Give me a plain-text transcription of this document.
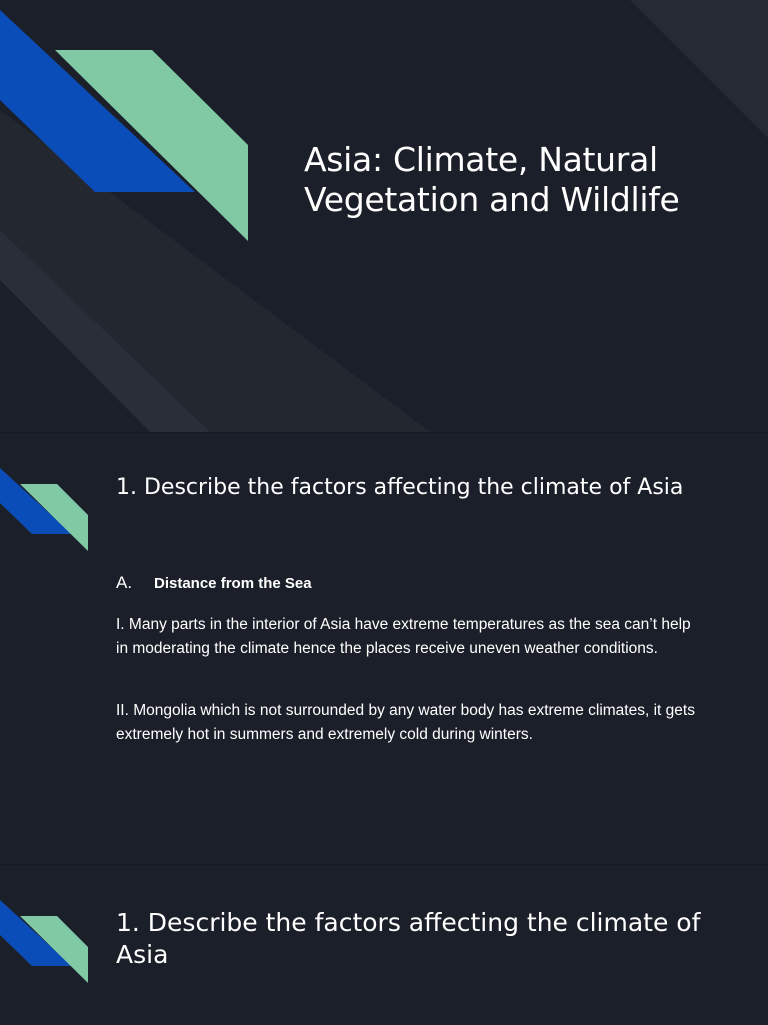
Asia: Climate, Natural Vegetation and Wildlife
1. Describe the factors affecting the climate of Asia
A.	Distance from the Sea

I. Many parts in the interior of Asia have extreme temperatures as the sea can’t help in moderating the climate hence the places receive uneven weather conditions.

II. Mongolia which is not surrounded by any water body has extreme climates, it gets extremely hot in summers and extremely cold during winters.

1. Describe the factors affecting the climate of Asia
